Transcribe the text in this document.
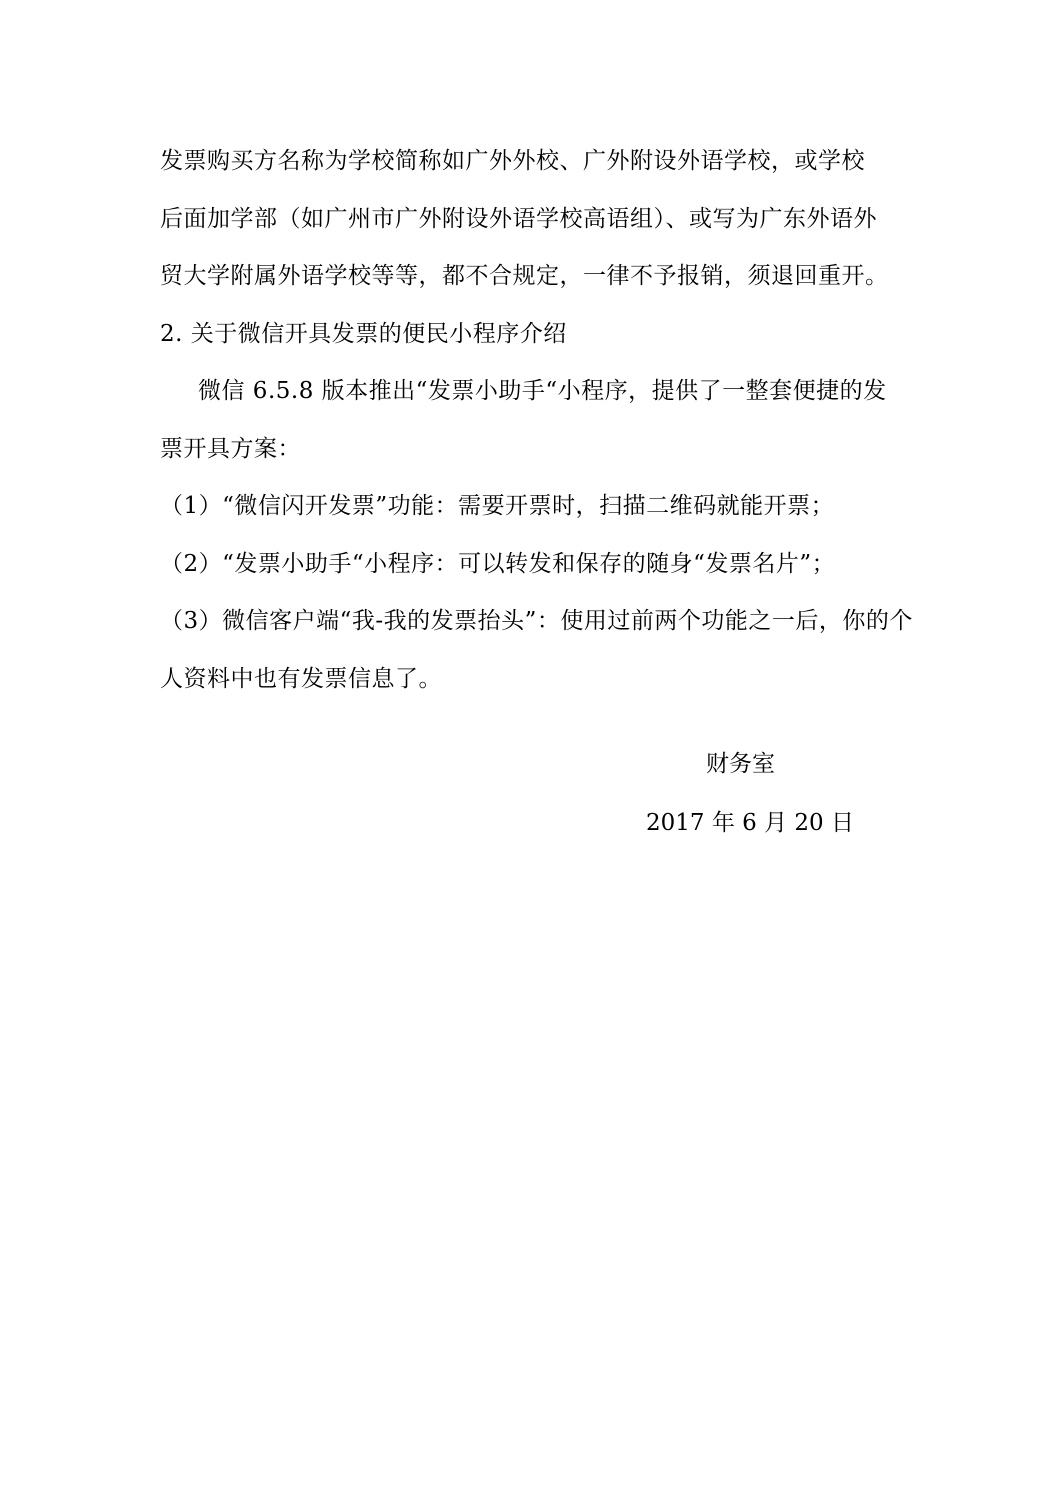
发票购买方名称为学校简称如广外外校、广外附设外语学校，或学校
后面加学部（如广州市广外附设外语学校高语组）、或写为广东外语外
贸大学附属外语学校等等，都不合规定，一律不予报销，须退回重开。
2. 关于微信开具发票的便民小程序介绍
微信 6.5.8 版本推出“发票小助手“小程序，提供了一整套便捷的发
票开具方案：
（1）“微信闪开发票”功能：需要开票时，扫描二维码就能开票；
（2）“发票小助手“小程序：可以转发和保存的随身“发票名片”；
（3）微信客户端“我-我的发票抬头”：使用过前两个功能之一后，你的个
人资料中也有发票信息了。
财务室
2017 年 6 月 20 日
